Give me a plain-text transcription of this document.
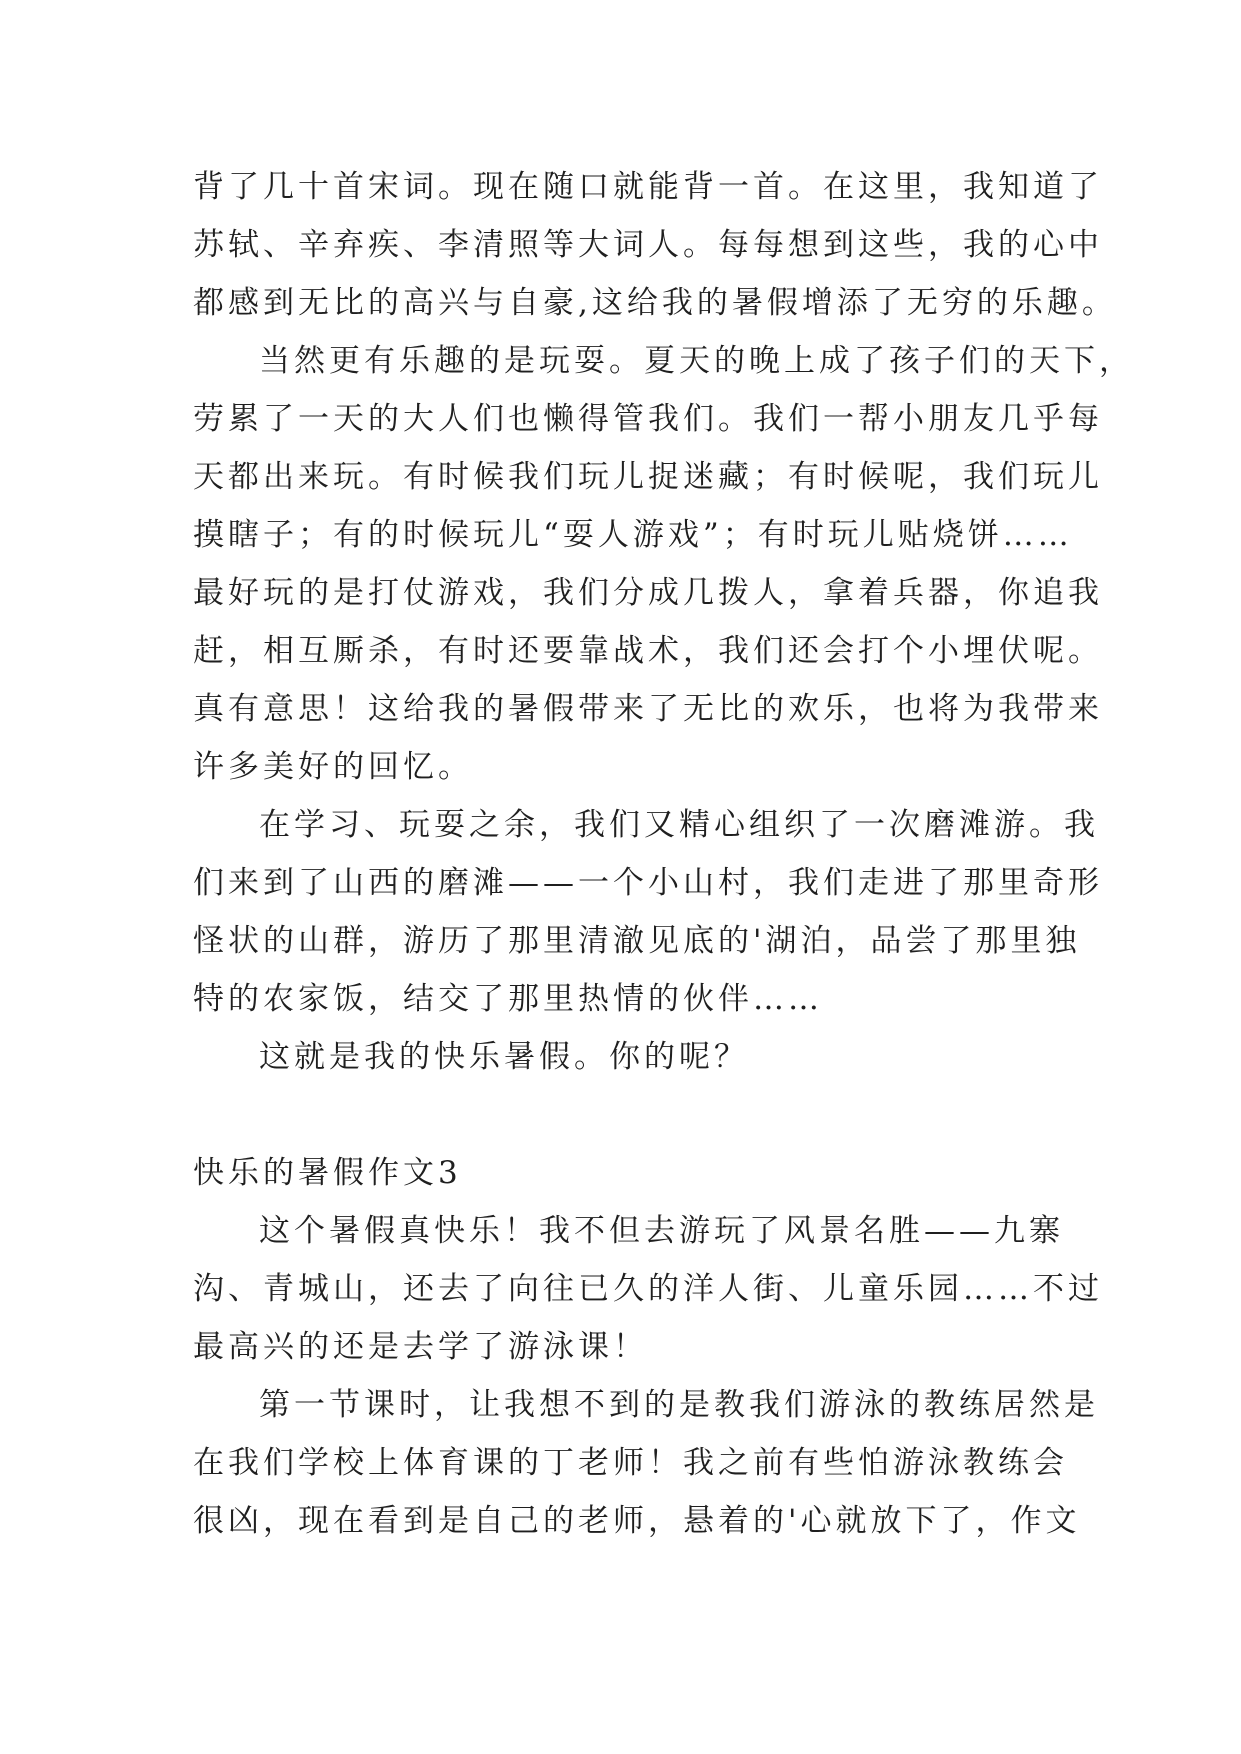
背了几十首宋词。现在随口就能背一首。在这里，我知道了
苏轼、辛弃疾、李清照等大词人。每每想到这些，我的心中
都感到无比的高兴与自豪,这给我的暑假增添了无穷的乐趣。
当然更有乐趣的是玩耍。夏天的晚上成了孩子们的天下，
劳累了一天的大人们也懒得管我们。我们一帮小朋友几乎每
天都出来玩。有时候我们玩儿捉迷藏；有时候呢，我们玩儿
摸瞎子；有的时候玩儿“耍人游戏”；有时玩儿贴烧饼……
最好玩的是打仗游戏，我们分成几拨人，拿着兵器，你追我
赶，相互厮杀，有时还要靠战术，我们还会打个小埋伏呢。
真有意思！这给我的暑假带来了无比的欢乐，也将为我带来
许多美好的回忆。
在学习、玩耍之余，我们又精心组织了一次磨滩游。我
们来到了山西的磨滩——一个小山村，我们走进了那里奇形
怪状的山群，游历了那里清澈见底的'湖泊，品尝了那里独
特的农家饭，结交了那里热情的伙伴……
这就是我的快乐暑假。你的呢？
快乐的暑假作文3
这个暑假真快乐！我不但去游玩了风景名胜——九寨
沟、青城山，还去了向往已久的洋人街、儿童乐园……不过
最高兴的还是去学了游泳课！
第一节课时，让我想不到的是教我们游泳的教练居然是
在我们学校上体育课的丁老师！我之前有些怕游泳教练会
很凶，现在看到是自己的老师，悬着的'心就放下了，作文
